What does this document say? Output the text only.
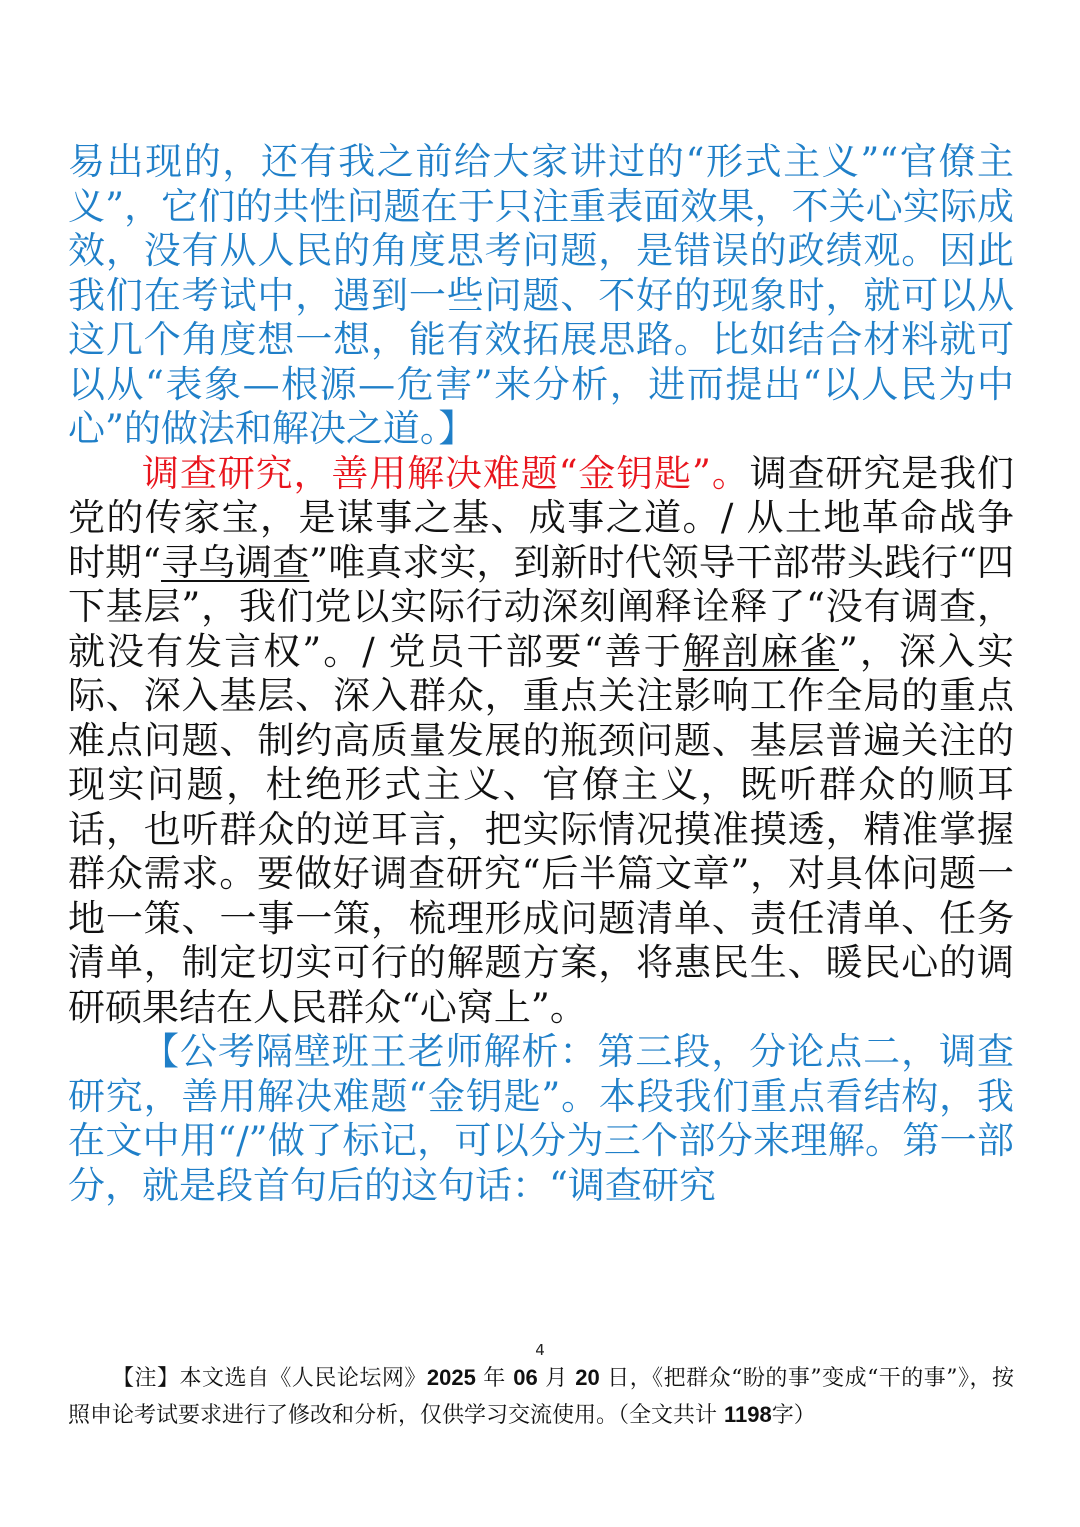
易出现的，还有我之前给大家讲过的“形式主义”“官僚主义”，它们的共性问题在于只注重表面效果，不关心实际成效，没有从人民的角度思考问题，是错误的政绩观。因此我们在考试中，遇到一些问题、不好的现象时，就可以从这几个角度想一想，能有效拓展思路。比如结合材料就可以从“表象—根源—危害”来分析，进而提出“以人民为中心”的做法和解决之道。】

调查研究，善用解决难题“金钥匙”。调查研究是我们党的传家宝，是谋事之基、成事之道。/ 从土地革命战争时期“寻乌调查”唯真求实，到新时代领导干部带头践行“四下基层”，我们党以实际行动深刻阐释诠释了“没有调查，就没有发言权”。/ 党员干部要“善于解剖麻雀”，深入实际、深入基层、深入群众，重点关注影响工作全局的重点难点问题、制约高质量发展的瓶颈问题、基层普遍关注的现实问题，杜绝形式主义、官僚主义，既听群众的顺耳话，也听群众的逆耳言，把实际情况摸准摸透，精准掌握群众需求。要做好调查研究“后半篇文章”，对具体问题一地一策、一事一策，梳理形成问题清单、责任清单、任务清单，制定切实可行的解题方案，将惠民生、暖民心的调研硕果结在人民群众“心窝上”。

【公考隔壁班王老师解析：第三段，分论点二，调查研究，善用解决难题“金钥匙”。本段我们重点看结构，我在文中用“/”做了标记，可以分为三个部分来理解。第一部分，就是段首句后的这句话：“调查研究

4

【注】本文选自《人民论坛网》2025 年 06 月 20 日，《把群众“盼的事”变成“干的事”》，按照申论考试要求进行了修改和分析，仅供学习交流使用。（全文共计 1198字）
